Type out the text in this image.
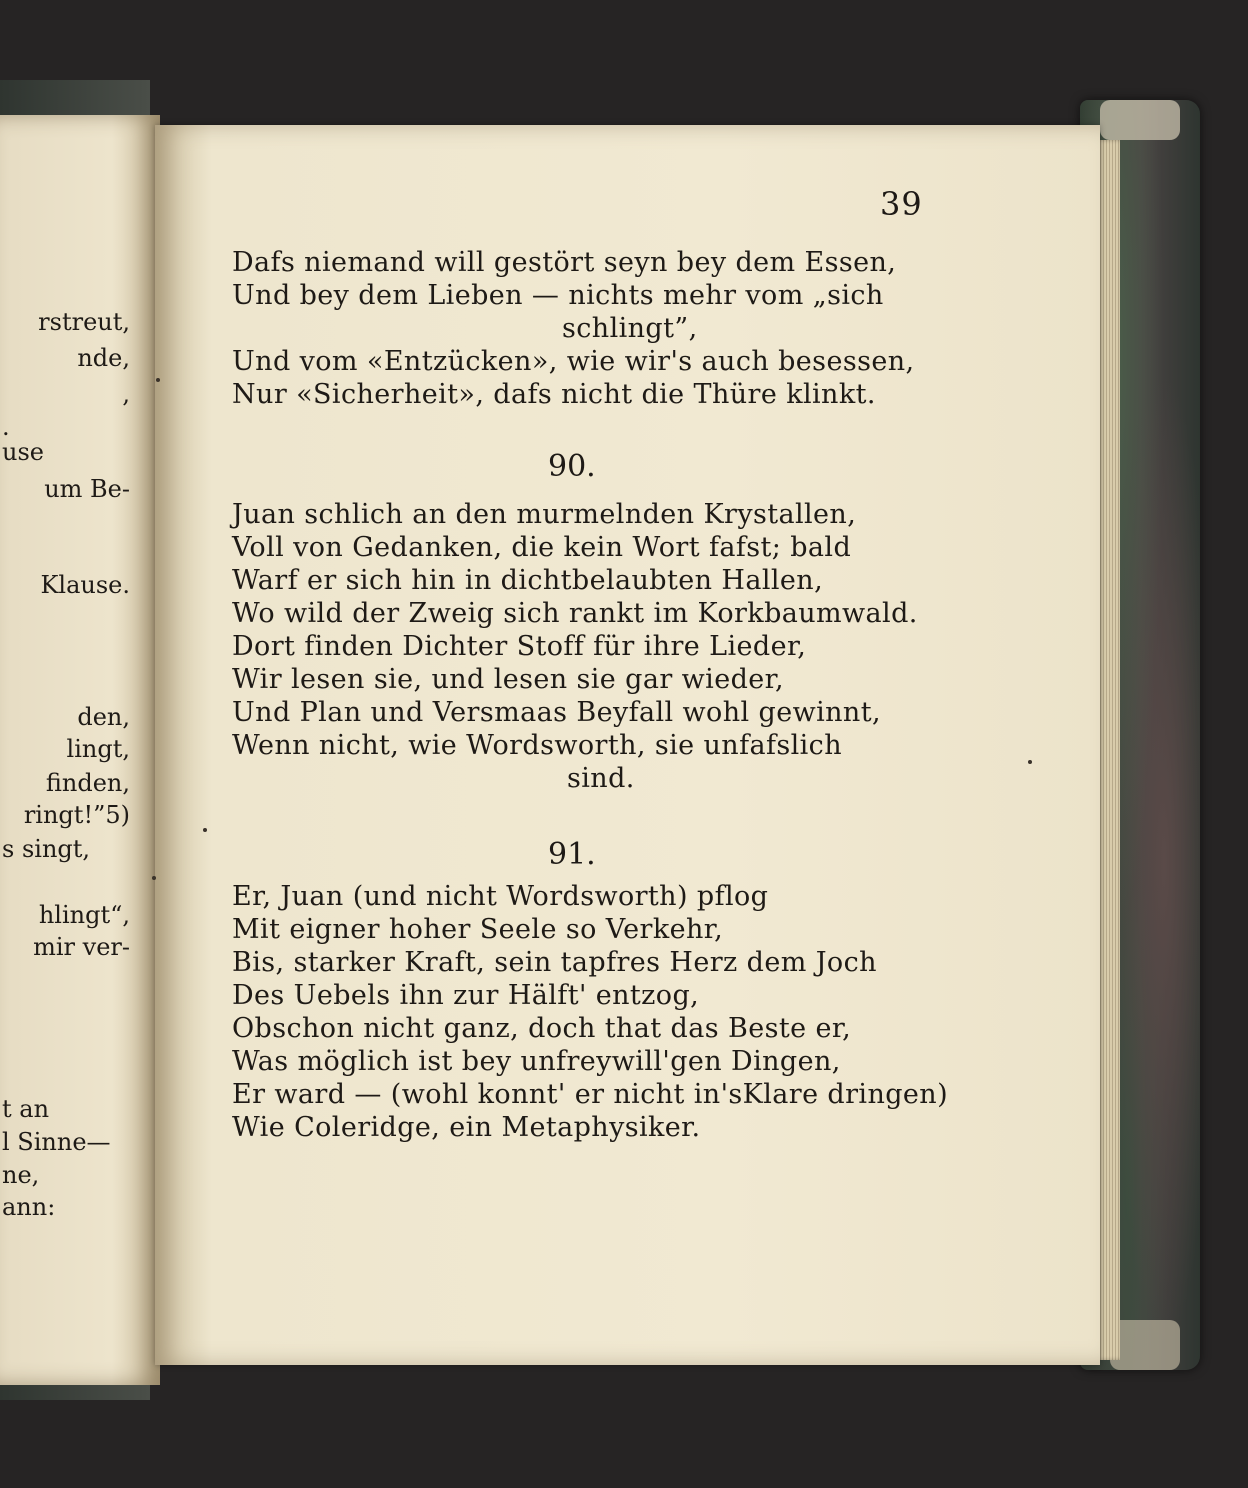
rstreut,
nde,
,
.
use
um Be-
Klause.
den,
lingt,
finden,
ringt!”5)
s singt,
hlingt“,
mir ver-
t an
l Sinne—
ne,
ann:
39
Dafs niemand will gestört seyn bey dem Essen,
Und bey dem Lieben — nichts mehr vom „sich
schlingt”,
Und vom «Entzücken», wie wir's auch besessen,
Nur «Sicherheit», dafs nicht die Thüre klinkt.
90.
Juan schlich an den murmelnden Krystallen,
Voll von Gedanken, die kein Wort fafst; bald
Warf er sich hin in dichtbelaubten Hallen,
Wo wild der Zweig sich rankt im Korkbaumwald.
Dort finden Dichter Stoff für ihre Lieder,
Wir lesen sie, und lesen sie gar wieder,
Und Plan und Versmaas Beyfall wohl gewinnt,
Wenn nicht, wie Wordsworth, sie unfafslich
sind.
91.
Er, Juan (und nicht Wordsworth) pflog
Mit eigner hoher Seele so Verkehr,
Bis, starker Kraft, sein tapfres Herz dem Joch
Des Uebels ihn zur Hälft' entzog,
Obschon nicht ganz, doch that das Beste er,
Was möglich ist bey unfreywill'gen Dingen,
Er ward — (wohl konnt' er nicht in'sKlare dringen)
Wie Coleridge, ein Metaphysiker.
